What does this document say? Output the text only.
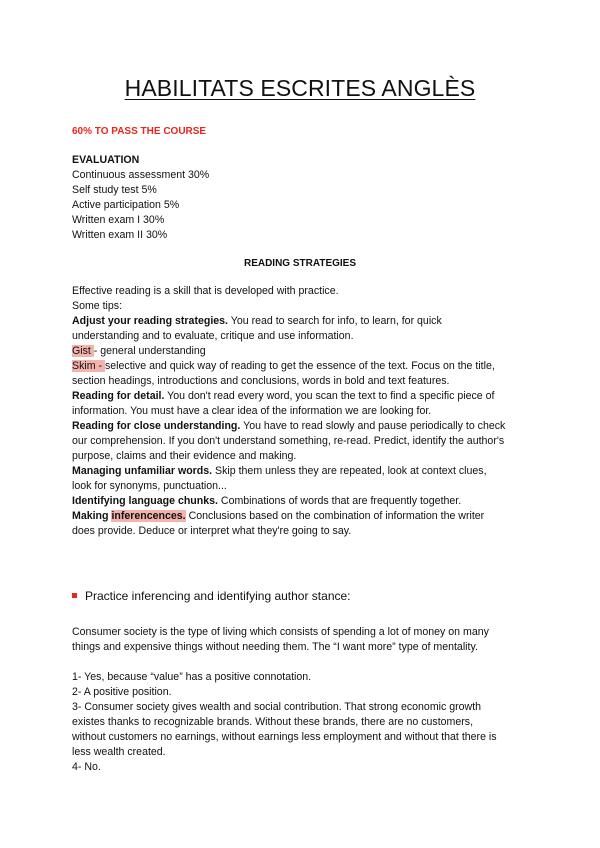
HABILITATS ESCRITES ANGLÈS
60% TO PASS THE COURSE
EVALUATION
Continuous assessment 30%
Self study test 5%
Active participation 5%
Written exam I 30%
Written exam II 30%
READING STRATEGIES
Effective reading is a skill that is developed with practice.
Some tips:
Adjust your reading strategies. You read to search for info, to learn, for quick
understanding and to evaluate, critique and use information.
Gist - general understanding
Skim - selective and quick way of reading to get the essence of the text. Focus on the title,
section headings, introductions and conclusions, words in bold and text features.
Reading for detail. You don't read every word, you scan the text to find a specific piece of
information. You must have a clear idea of the information we are looking for.
Reading for close understanding. You have to read slowly and pause periodically to check
our comprehension. If you don't understand something, re-read. Predict, identify the author's
purpose, claims and their evidence and making.
Managing unfamiliar words. Skip them unless they are repeated, look at context clues,
look for synonyms, punctuation...
Identifying language chunks. Combinations of words that are frequently together.
Making inferencences. Conclusions based on the combination of information the writer
does provide. Deduce or interpret what they're going to say.
Practice inferencing and identifying author stance:
Consumer society is the type of living which consists of spending a lot of money on many
things and expensive things without needing them. The “I want more” type of mentality.
1- Yes, because “value” has a positive connotation.
2- A positive position.
3- Consumer society gives wealth and social contribution. That strong economic growth
existes thanks to recognizable brands. Without these brands, there are no customers,
without customers no earnings, without earnings less employment and without that there is
less wealth created.
4- No.
